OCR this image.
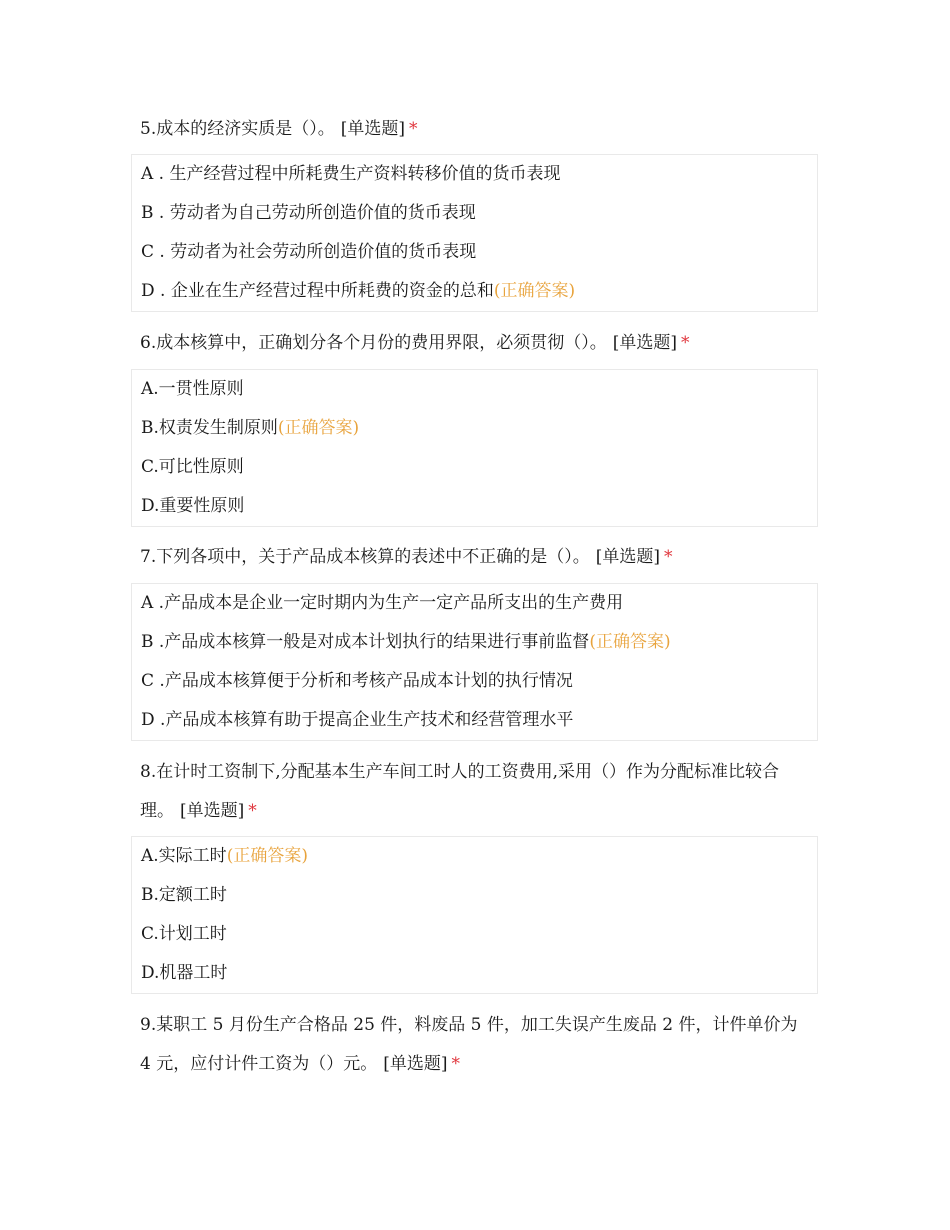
5.成本的经济实质是（）。 [单选题] *
A . 生产经营过程中所耗费生产资料转移价值的货币表现
B . 劳动者为自己劳动所创造价值的货币表现
C . 劳动者为社会劳动所创造价值的货币表现
D . 企业在生产经营过程中所耗费的资金的总和(正确答案)
6.成本核算中，正确划分各个月份的费用界限，必须贯彻（）。 [单选题] *
A.一贯性原则
B.权责发生制原则(正确答案)
C.可比性原则
D.重要性原则
7.下列各项中，关于产品成本核算的表述中不正确的是（）。 [单选题] *
A .产品成本是企业一定时期内为生产一定产品所支出的生产费用
B .产品成本核算一般是对成本计划执行的结果进行事前监督(正确答案)
C .产品成本核算便于分析和考核产品成本计划的执行情况
D .产品成本核算有助于提高企业生产技术和经营管理水平
8.在计时工资制下,分配基本生产车间工时人的工资费用,采用（）作为分配标准比较合理。 [单选题] *
A.实际工时(正确答案)
B.定额工时
C.计划工时
D.机器工时
9.某职工 5 月份生产合格品 25 件，料废品 5 件，加工失误产生废品 2 件，计件单价为 4 元，应付计件工资为（）元。 [单选题] *
